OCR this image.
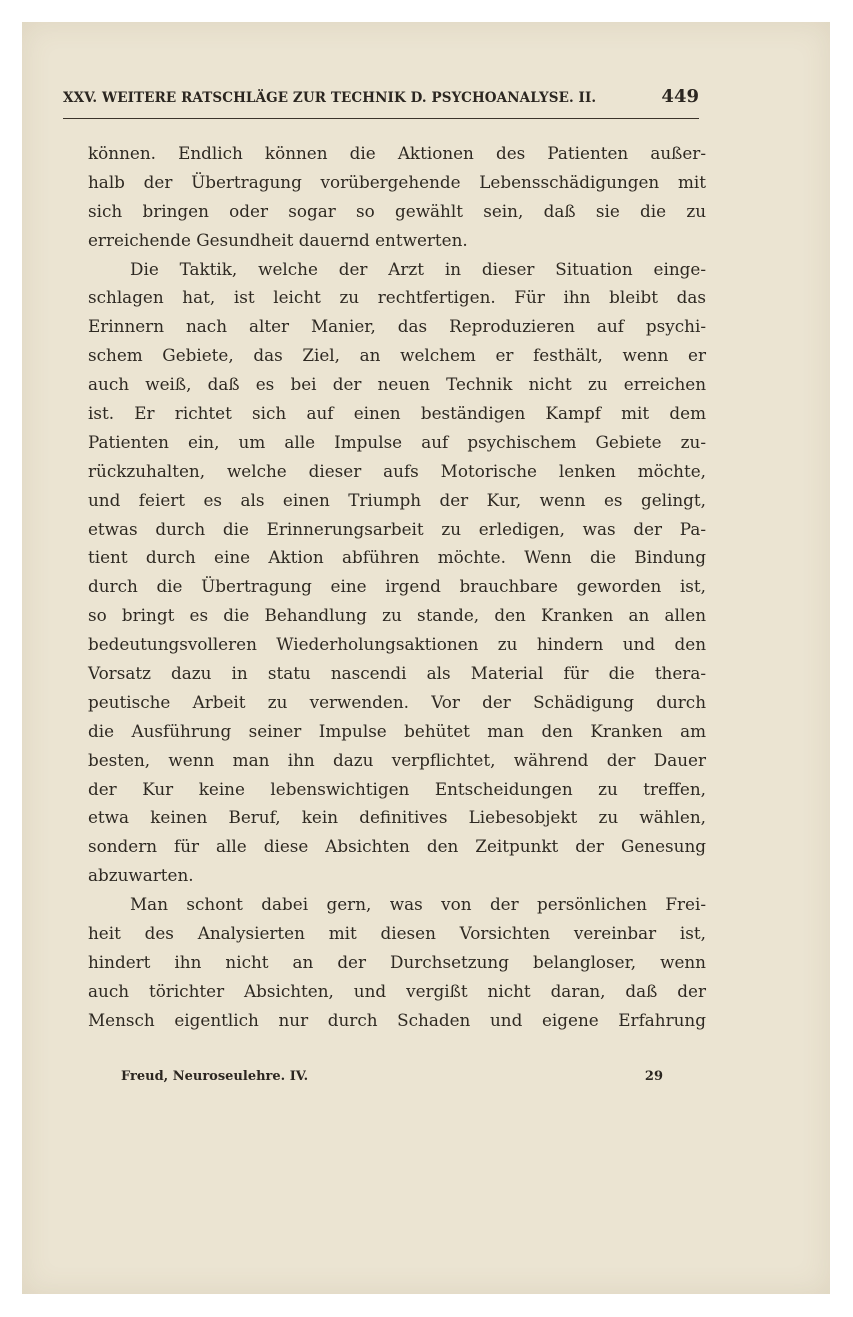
XXV. WEITERE RATSCHLÄGE ZUR TECHNIK D. PSYCHOANALYSE. II.	449
können. Endlich können die Aktionen des Patienten außer-
halb der Übertragung vorübergehende Lebensschädigungen mit
sich bringen oder sogar so gewählt sein, daß sie die zu
erreichende Gesundheit dauernd entwerten.
Die Taktik, welche der Arzt in dieser Situation einge-
schlagen hat, ist leicht zu rechtfertigen. Für ihn bleibt das
Erinnern nach alter Manier, das Reproduzieren auf psychi-
schem Gebiete, das Ziel, an welchem er festhält, wenn er
auch weiß, daß es bei der neuen Technik nicht zu erreichen
ist. Er richtet sich auf einen beständigen Kampf mit dem
Patienten ein, um alle Impulse auf psychischem Gebiete zu-
rückzuhalten, welche dieser aufs Motorische lenken möchte,
und feiert es als einen Triumph der Kur, wenn es gelingt,
etwas durch die Erinnerungsarbeit zu erledigen, was der Pa-
tient durch eine Aktion abführen möchte. Wenn die Bindung
durch die Übertragung eine irgend brauchbare geworden ist,
so bringt es die Behandlung zu stande, den Kranken an allen
bedeutungsvolleren Wiederholungsaktionen zu hindern und den
Vorsatz dazu in statu nascendi als Material für die thera-
peutische Arbeit zu verwenden. Vor der Schädigung durch
die Ausführung seiner Impulse behütet man den Kranken am
besten, wenn man ihn dazu verpflichtet, während der Dauer
der Kur keine lebenswichtigen Entscheidungen zu treffen,
etwa keinen Beruf, kein definitives Liebesobjekt zu wählen,
sondern für alle diese Absichten den Zeitpunkt der Genesung
abzuwarten.
Man schont dabei gern, was von der persönlichen Frei-
heit des Analysierten mit diesen Vorsichten vereinbar ist,
hindert ihn nicht an der Durchsetzung belangloser, wenn
auch törichter Absichten, und vergißt nicht daran, daß der
Mensch eigentlich nur durch Schaden und eigene Erfahrung
Freud, Neuroseulehre. IV.	29
